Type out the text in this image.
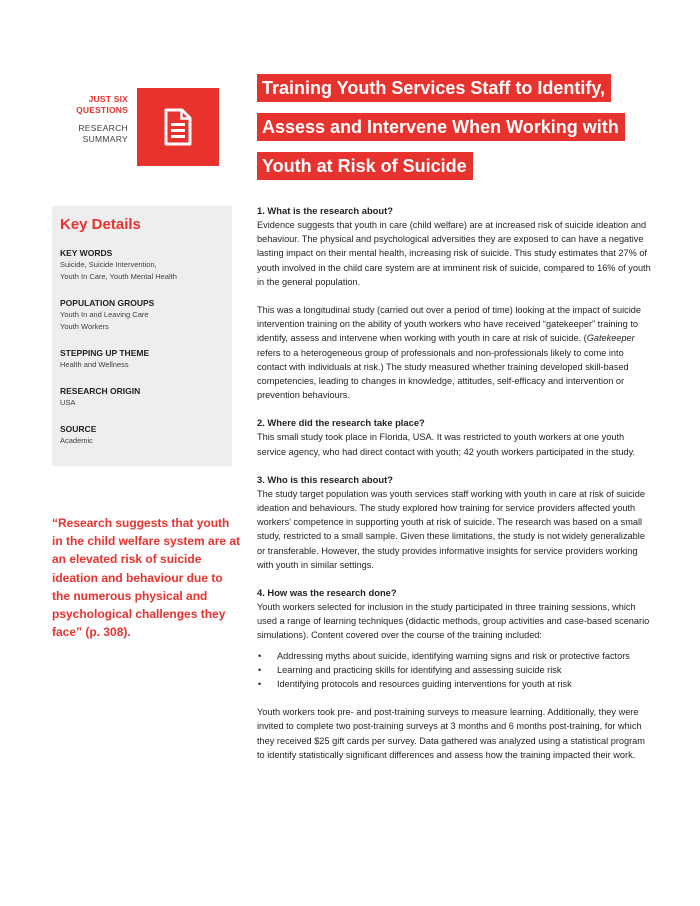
JUST SIX
QUESTIONS
RESEARCH
SUMMARY
Training Youth Services Staff to Identify,
Assess and Intervene When Working with
Youth at Risk of Suicide
Key Details
KEY WORDS
Suicide, Suicide Intervention,
Youth In Care, Youth Mental Health
POPULATION GROUPS
Youth In and Leaving Care
Youth Workers
STEPPING UP THEME
Health and Wellness
RESEARCH ORIGIN
USA
SOURCE
Academic
“Research suggests that youth in the child welfare system are at an elevated risk of suicide ideation and behaviour due to the numerous physical and psychological challenges they face” (p. 308).
1. What is the research about?

Evidence suggests that youth in care (child welfare) are at increased risk of suicide ideation and behaviour. The physical and psychological adversities they are exposed to can have a negative lasting impact on their mental health, increasing risk of suicide. This study estimates that 27% of youth involved in the child care system are at imminent risk of suicide, compared to 16% of youth in the general population.

This was a longitudinal study (carried out over a period of time) looking at the impact of suicide intervention training on the ability of youth workers who have received “gatekeeper” training to identify, assess and intervene when working with youth in care at risk of suicide. (Gatekeeper refers to a heterogeneous group of professionals and non-professionals likely to come into contact with individuals at risk.) The study measured whether training developed skill-based competencies, leading to changes in knowledge, attitudes, self-efficacy and intervention or prevention behaviours.

2. Where did the research take place?

This small study took place in Florida, USA. It was restricted to youth workers at one youth service agency, who had direct contact with youth; 42 youth workers participated in the study.

3. Who is this research about?

The study target population was youth services staff working with youth in care at risk of suicide ideation and behaviours. The study explored how training for service providers affected youth workers’ competence in supporting youth at risk of suicide. The research was based on a small study, restricted to a small sample. Given these limitations, the study is not widely generalizable or transferable. However, the study provides informative insights for service providers working with youth in similar settings.

4. How was the research done?

Youth workers selected for inclusion in the study participated in three training sessions, which used a range of learning techniques (didactic methods, group activities and case-based scenario simulations). Content covered over the course of the training included:

• Addressing myths about suicide, identifying warning signs and risk or protective factors
• Learning and practicing skills for identifying and assessing suicide risk
• Identifying protocols and resources guiding interventions for youth at risk

Youth workers took pre- and post-training surveys to measure learning. Additionally, they were invited to complete two post-training surveys at 3 months and 6 months post-training, for which they received $25 gift cards per survey. Data gathered was analyzed using a statistical program to identify statistically significant differences and assess how the training impacted their work.
